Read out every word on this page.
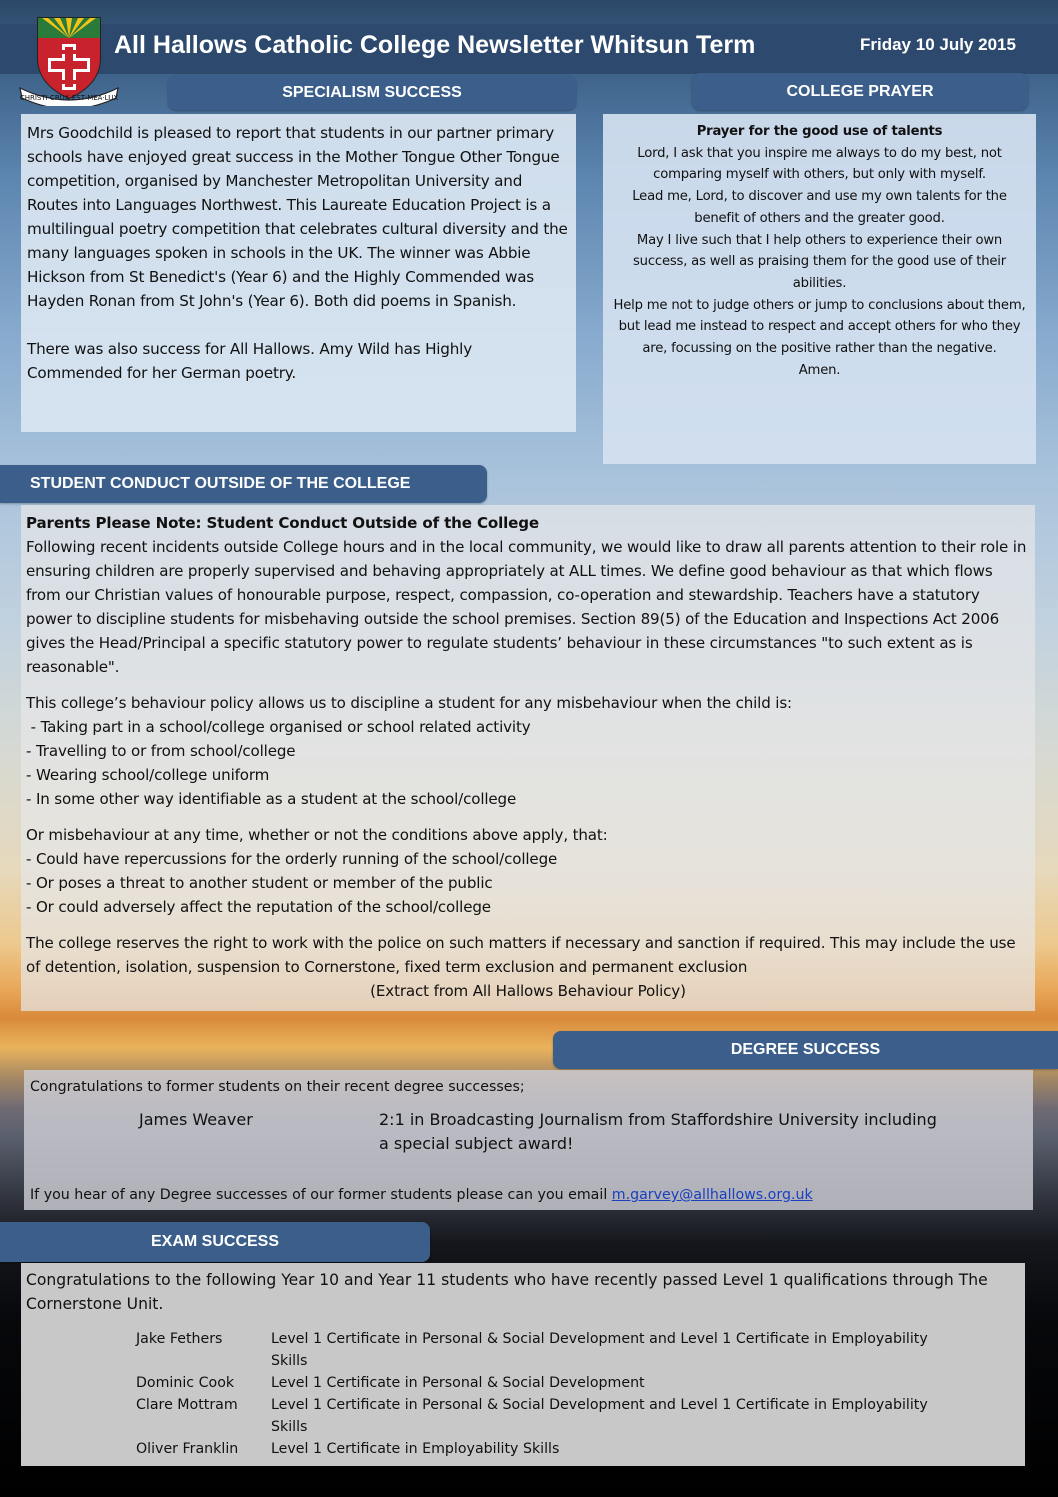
CHRISTI·CRUX·EST·MEA·LUX
All Hallows Catholic College Newsletter Whitsun Term	Friday 10 July 2015
SPECIALISM SUCCESS

Mrs Goodchild is pleased to report that students in our partner primary schools have enjoyed great success in the Mother Tongue Other Tongue competition, organised by Manchester Metropolitan University and Routes into Languages Northwest. This Laureate Education Project is a multilingual poetry competition that celebrates cultural diversity and the many languages spoken in schools in the UK. The winner was Abbie Hickson from St Benedict's (Year 6) and the Highly Commended was Hayden Ronan from St John's (Year 6). Both did poems in Spanish.

There was also success for All Hallows. Amy Wild has Highly Commended for her German poetry.

COLLEGE PRAYER
Prayer for the good use of talents
Lord, I ask that you inspire me always to do my best, not comparing myself with others, but only with myself.
Lead me, Lord, to discover and use my own talents for the benefit of others and the greater good.
May I live such that I help others to experience their own success, as well as praising them for the good use of their abilities.
Help me not to judge others or jump to conclusions about them,
but lead me instead to respect and accept others for who they are, focussing on the positive rather than the negative.
Amen.
STUDENT CONDUCT OUTSIDE OF THE COLLEGE
Parents Please Note: Student Conduct Outside of the College
Following recent incidents outside College hours and in the local community, we would like to draw all parents attention to their role in ensuring children are properly supervised and behaving appropriately at ALL times. We define good behaviour as that which flows from our Christian values of honourable purpose, respect, compassion, co-operation and stewardship. Teachers have a statutory power to discipline students for misbehaving outside the school premises. Section 89(5) of the Education and Inspections Act 2006 gives the Head/Principal a specific statutory power to regulate students’ behaviour in these circumstances "to such extent as is reasonable".
This college’s behaviour policy allows us to discipline a student for any misbehaviour when the child is:
- Taking part in a school/college organised or school related activity
- Travelling to or from school/college
- Wearing school/college uniform
- In some other way identifiable as a student at the school/college
Or misbehaviour at any time, whether or not the conditions above apply, that:
- Could have repercussions for the orderly running of the school/college
- Or poses a threat to another student or member of the public
- Or could adversely affect the reputation of the school/college
The college reserves the right to work with the police on such matters if necessary and sanction if required. This may include the use of detention, isolation, suspension to Cornerstone, fixed term exclusion and permanent exclusion
(Extract from All Hallows Behaviour Policy)
DEGREE SUCCESS
Congratulations to former students on their recent degree successes;
James Weaver	2:1 in Broadcasting Journalism from Staffordshire University including
a special subject award!
If you hear of any Degree successes of our former students please can you email m.garvey@allhallows.org.uk
EXAM SUCCESS
Congratulations to the following Year 10 and Year 11 students who have recently passed Level 1 qualifications through The Cornerstone Unit.
Jake Fethers	Level 1 Certificate in Personal & Social Development and Level 1 Certificate in Employability Skills
Dominic Cook	Level 1 Certificate in Personal & Social Development
Clare Mottram	Level 1 Certificate in Personal & Social Development and Level 1 Certificate in Employability Skills
Oliver Franklin	Level 1 Certificate in Employability Skills
